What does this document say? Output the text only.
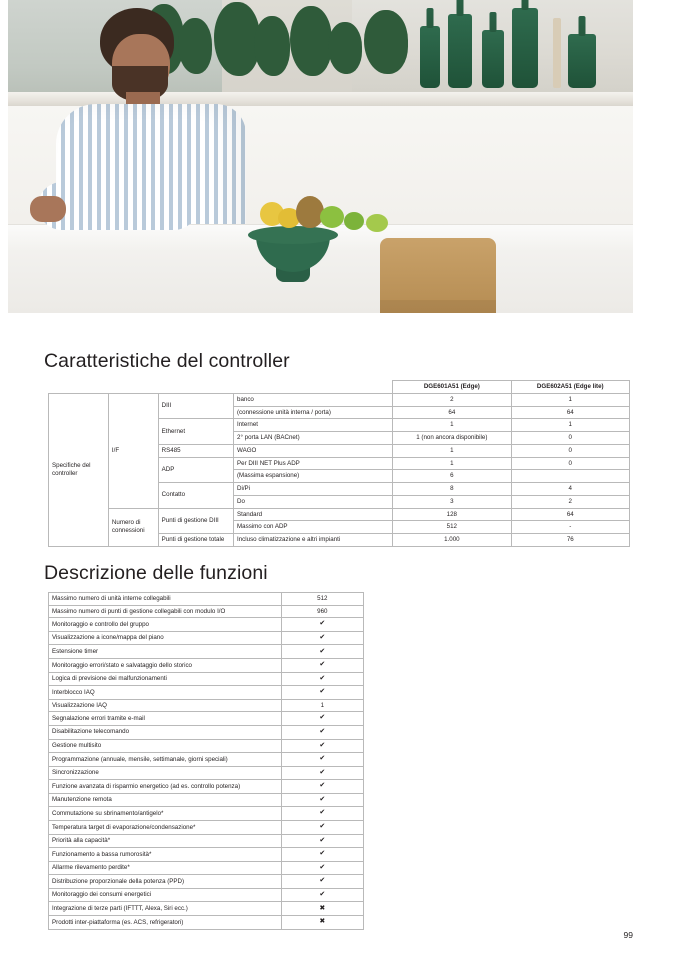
Caratteristiche del controller
				DGE601A51 (Edge)	DGE602A51 (Edge lite)
Specifiche del controller	I/F	DIII	banco	2	1
			(connessione unità interna / porta)	64	64
		Ethernet	Internet	1	1
			2° porta LAN (BACnet)	1 (non ancora disponibile)	0
		RS485	WAGO	1	0
		ADP	Per DIII NET Plus ADP	1	0
			(Massima espansione)	6	
		Contatto	Di/Pi	8	4
			Do	3	2
	Numero di connessioni	Punti di gestione DIII	Standard	128	64
			Massimo con ADP	512	-
		Punti di gestione totale	Incluso climatizzazione e altri impianti	1.000	76
Descrizione delle funzioni
Massimo numero di unità interne collegabili	512
Massimo numero di punti di gestione collegabili con modulo I/O	960
Monitoraggio e controllo del gruppo	✔
Visualizzazione a icone/mappa del piano	✔
Estensione timer	✔
Monitoraggio errori/stato e salvataggio dello storico	✔
Logica di previsione dei malfunzionamenti	✔
Interblocco IAQ	✔
Visualizzazione IAQ	1
Segnalazione errori tramite e-mail	✔
Disabilitazione telecomando	✔
Gestione multisito	✔
Programmazione (annuale, mensile, settimanale, giorni speciali)	✔
Sincronizzazione	✔
Funzione avanzata di risparmio energetico (ad es. controllo potenza)	✔
Manutenzione remota	✔
Commutazione su sbrinamento/antigelo*	✔
Temperatura target di evaporazione/condensazione*	✔
Priorità alla capacità*	✔
Funzionamento a bassa rumorosità*	✔
Allarme rilevamento perdite*	✔
Distribuzione proporzionale della potenza (PPD)	✔
Monitoraggio dei consumi energetici	✔
Integrazione di terze parti (IFTTT, Alexa, Siri ecc.)	✖
Prodotti inter-piattaforma (es. ACS, refrigeratori)	✖
99
